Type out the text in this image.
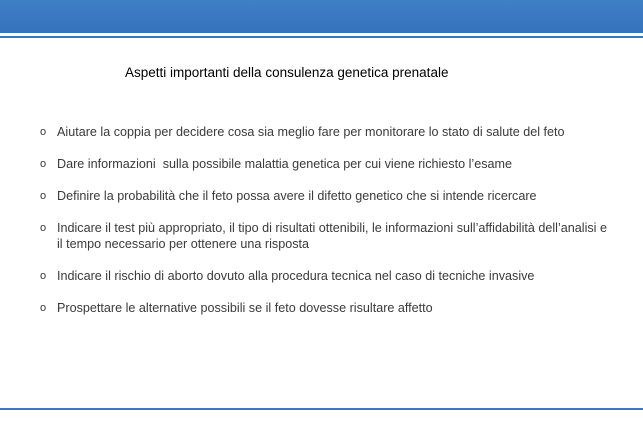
Aspetti importanti della consulenza genetica prenatale
o Aiutare la coppia per decidere cosa sia meglio fare per monitorare lo stato di salute del feto
o Dare informazioni  sulla possibile malattia genetica per cui viene richiesto l’esame
o Definire la probabilità che il feto possa avere il difetto genetico che si intende ricercare
o Indicare il test più appropriato, il tipo di risultati ottenibili, le informazioni sull’affidabilità dell’analisi e il tempo necessario per ottenere una risposta
o Indicare il rischio di aborto dovuto alla procedura tecnica nel caso di tecniche invasive
o Prospettare le alternative possibili se il feto dovesse risultare affetto
